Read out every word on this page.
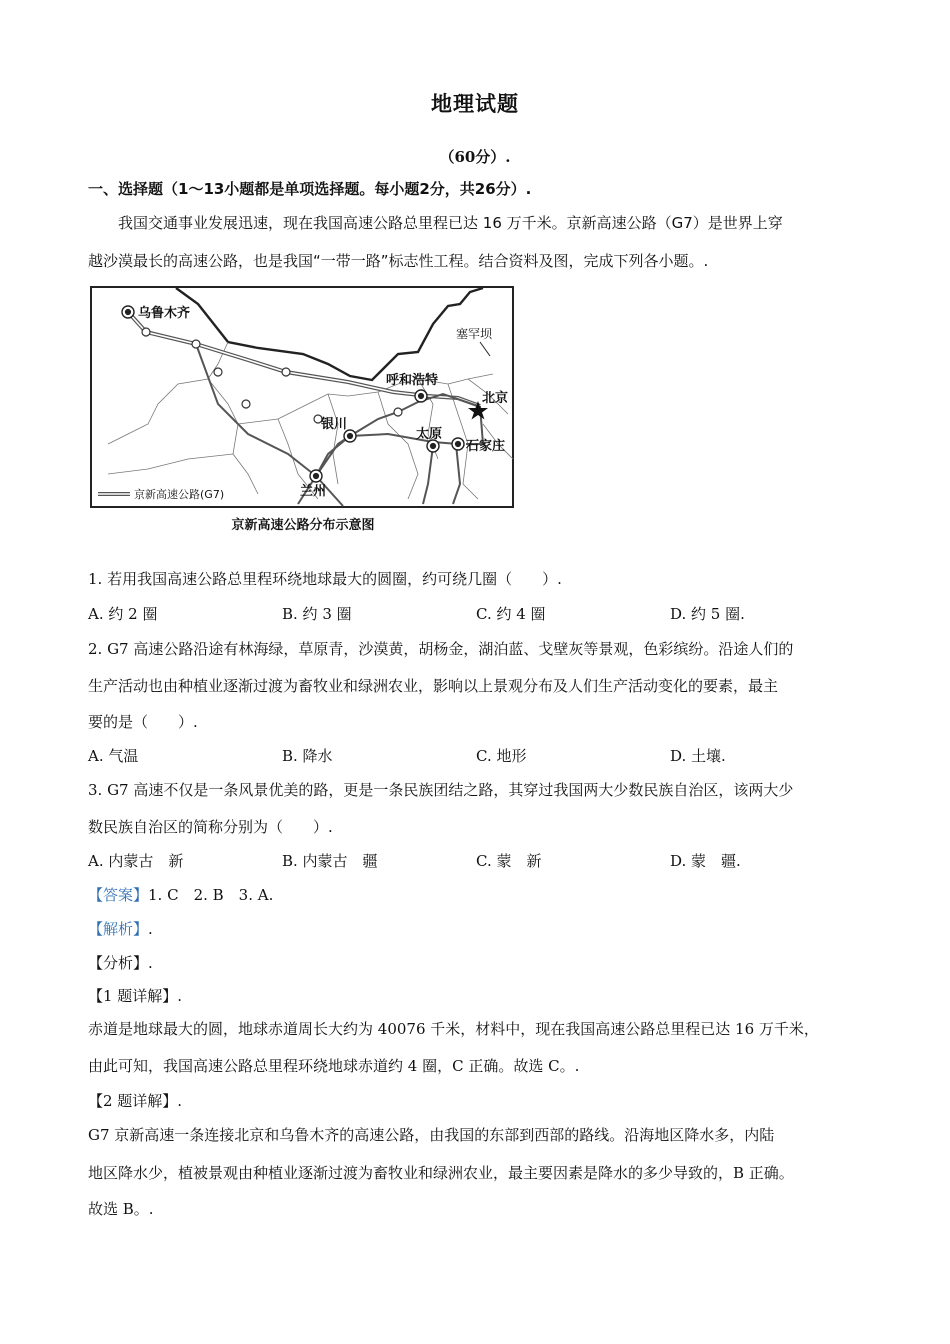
地理试题
（60分）.
一、选择题（1～13小题都是单项选择题。每小题2分，共26分）.
我国交通事业发展迅速，现在我国高速公路总里程已达 16 万千米。京新高速公路（G7）是世界上穿
越沙漠最长的高速公路，也是我国“一带一路”标志性工程。结合资料及图，完成下列各小题。.
乌鲁木齐
塞罕坝
呼和浩特
北京
银川
太原
石家庄
兰州
京新高速公路(G7)
京新高速公路分布示意图
1. 若用我国高速公路总里程环绕地球最大的圆圈，约可绕几圈（　　）.
A. 约 2 圈	B. 约 3 圈	C. 约 4 圈	D. 约 5 圈.
2. G7 高速公路沿途有林海绿，草原青，沙漠黄，胡杨金，湖泊蓝、戈壁灰等景观，色彩缤纷。沿途人们的
生产活动也由种植业逐渐过渡为畜牧业和绿洲农业，影响以上景观分布及人们生产活动变化的要素，最主
要的是（　　）.
A. 气温	B. 降水	C. 地形	D. 土壤.
3. G7 高速不仅是一条风景优美的路，更是一条民族团结之路，其穿过我国两大少数民族自治区，该两大少
数民族自治区的简称分别为（　　）.
A. 内蒙古　新	B. 内蒙古　疆	C. 蒙　新	D. 蒙　疆.
【答案】1. C　2. B　3. A.
【解析】.
【分析】.
【1 题详解】.
赤道是地球最大的圆，地球赤道周长大约为 40076 千米，材料中，现在我国高速公路总里程已达 16 万千米，
由此可知，我国高速公路总里程环绕地球赤道约 4 圈，C 正确。故选 C。.
【2 题详解】.
G7 京新高速一条连接北京和乌鲁木齐的高速公路，由我国的东部到西部的路线。沿海地区降水多，内陆
地区降水少，植被景观由种植业逐渐过渡为畜牧业和绿洲农业，最主要因素是降水的多少导致的，B 正确。
故选 B。.
